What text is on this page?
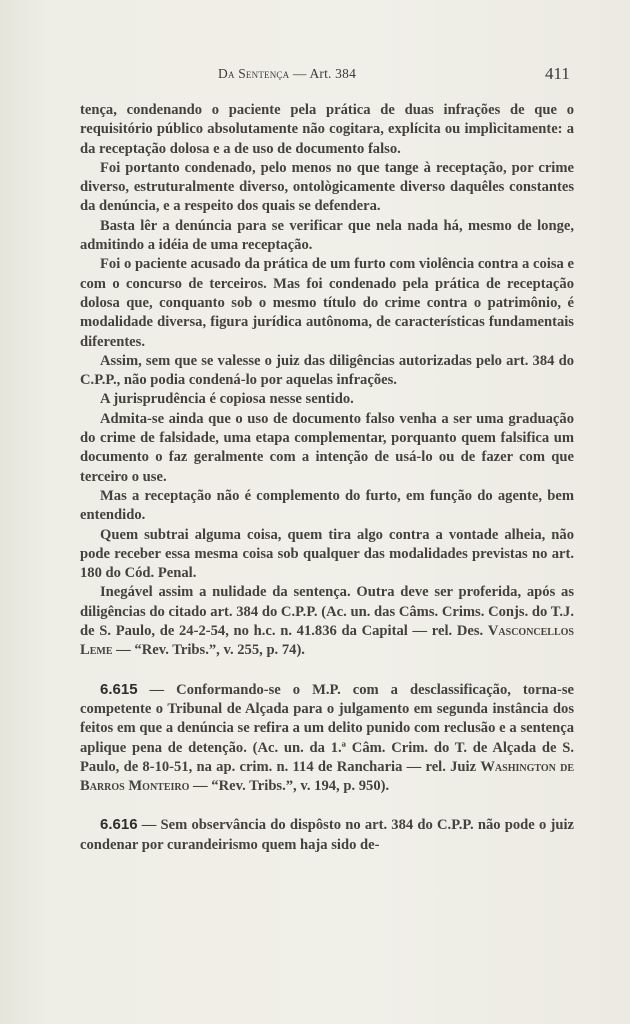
Da Sentença — Art. 384	411

tença, condenando o paciente pela prática de duas infrações de que o requisitório público absolutamente não cogitara, explícita ou implìcitamente: a da receptação dolosa e a de uso de documento falso.

Foi portanto condenado, pelo menos no que tange à receptação, por crime diverso, estruturalmente diverso, ontològicamente diverso daquêles constantes da denúncia, e a respeito dos quais se defendera.

Basta lêr a denúncia para se verificar que nela nada há, mesmo de longe, admitindo a idéia de uma receptação.

Foi o paciente acusado da prática de um furto com violência contra a coisa e com o concurso de terceiros. Mas foi condenado pela prática de receptação dolosa que, conquanto sob o mesmo título do crime contra o patrimônio, é modalidade diversa, figura jurídica autônoma, de características fundamentais diferentes.

Assim, sem que se valesse o juiz das diligências autorizadas pelo art. 384 do C.P.P., não podia condená-lo por aquelas infrações.

A jurisprudência é copiosa nesse sentido.

Admita-se ainda que o uso de documento falso venha a ser uma graduação do crime de falsidade, uma etapa complementar, porquanto quem falsifica um documento o faz geralmente com a intenção de usá-lo ou de fazer com que terceiro o use.

Mas a receptação não é complemento do furto, em função do agente, bem entendido.

Quem subtrai alguma coisa, quem tira algo contra a vontade alheia, não pode receber essa mesma coisa sob qualquer das modalidades previstas no art. 180 do Cód. Penal.

Inegável assim a nulidade da sentença. Outra deve ser proferida, após as diligências do citado art. 384 do C.P.P. (Ac. un. das Câms. Crims. Conjs. do T.J. de S. Paulo, de 24-2-54, no h.c. n. 41.836 da Capital — rel. Des. Vasconcellos Leme — “Rev. Tribs.”, v. 255, p. 74).

6.615 — Conformando-se o M.P. com a desclassificação, torna-se competente o Tribunal de Alçada para o julgamento em segunda instância dos feitos em que a denúncia se refira a um delito punido com reclusão e a sentença aplique pena de detenção. (Ac. un. da 1.ª Câm. Crim. do T. de Alçada de S. Paulo, de 8-10-51, na ap. crim. n. 114 de Rancharia — rel. Juiz Washington de Barros Monteiro — “Rev. Tribs.”, v. 194, p. 950).

6.616 — Sem observância do dispôsto no art. 384 do C.P.P. não pode o juiz condenar por curandeirismo quem haja sido de-
